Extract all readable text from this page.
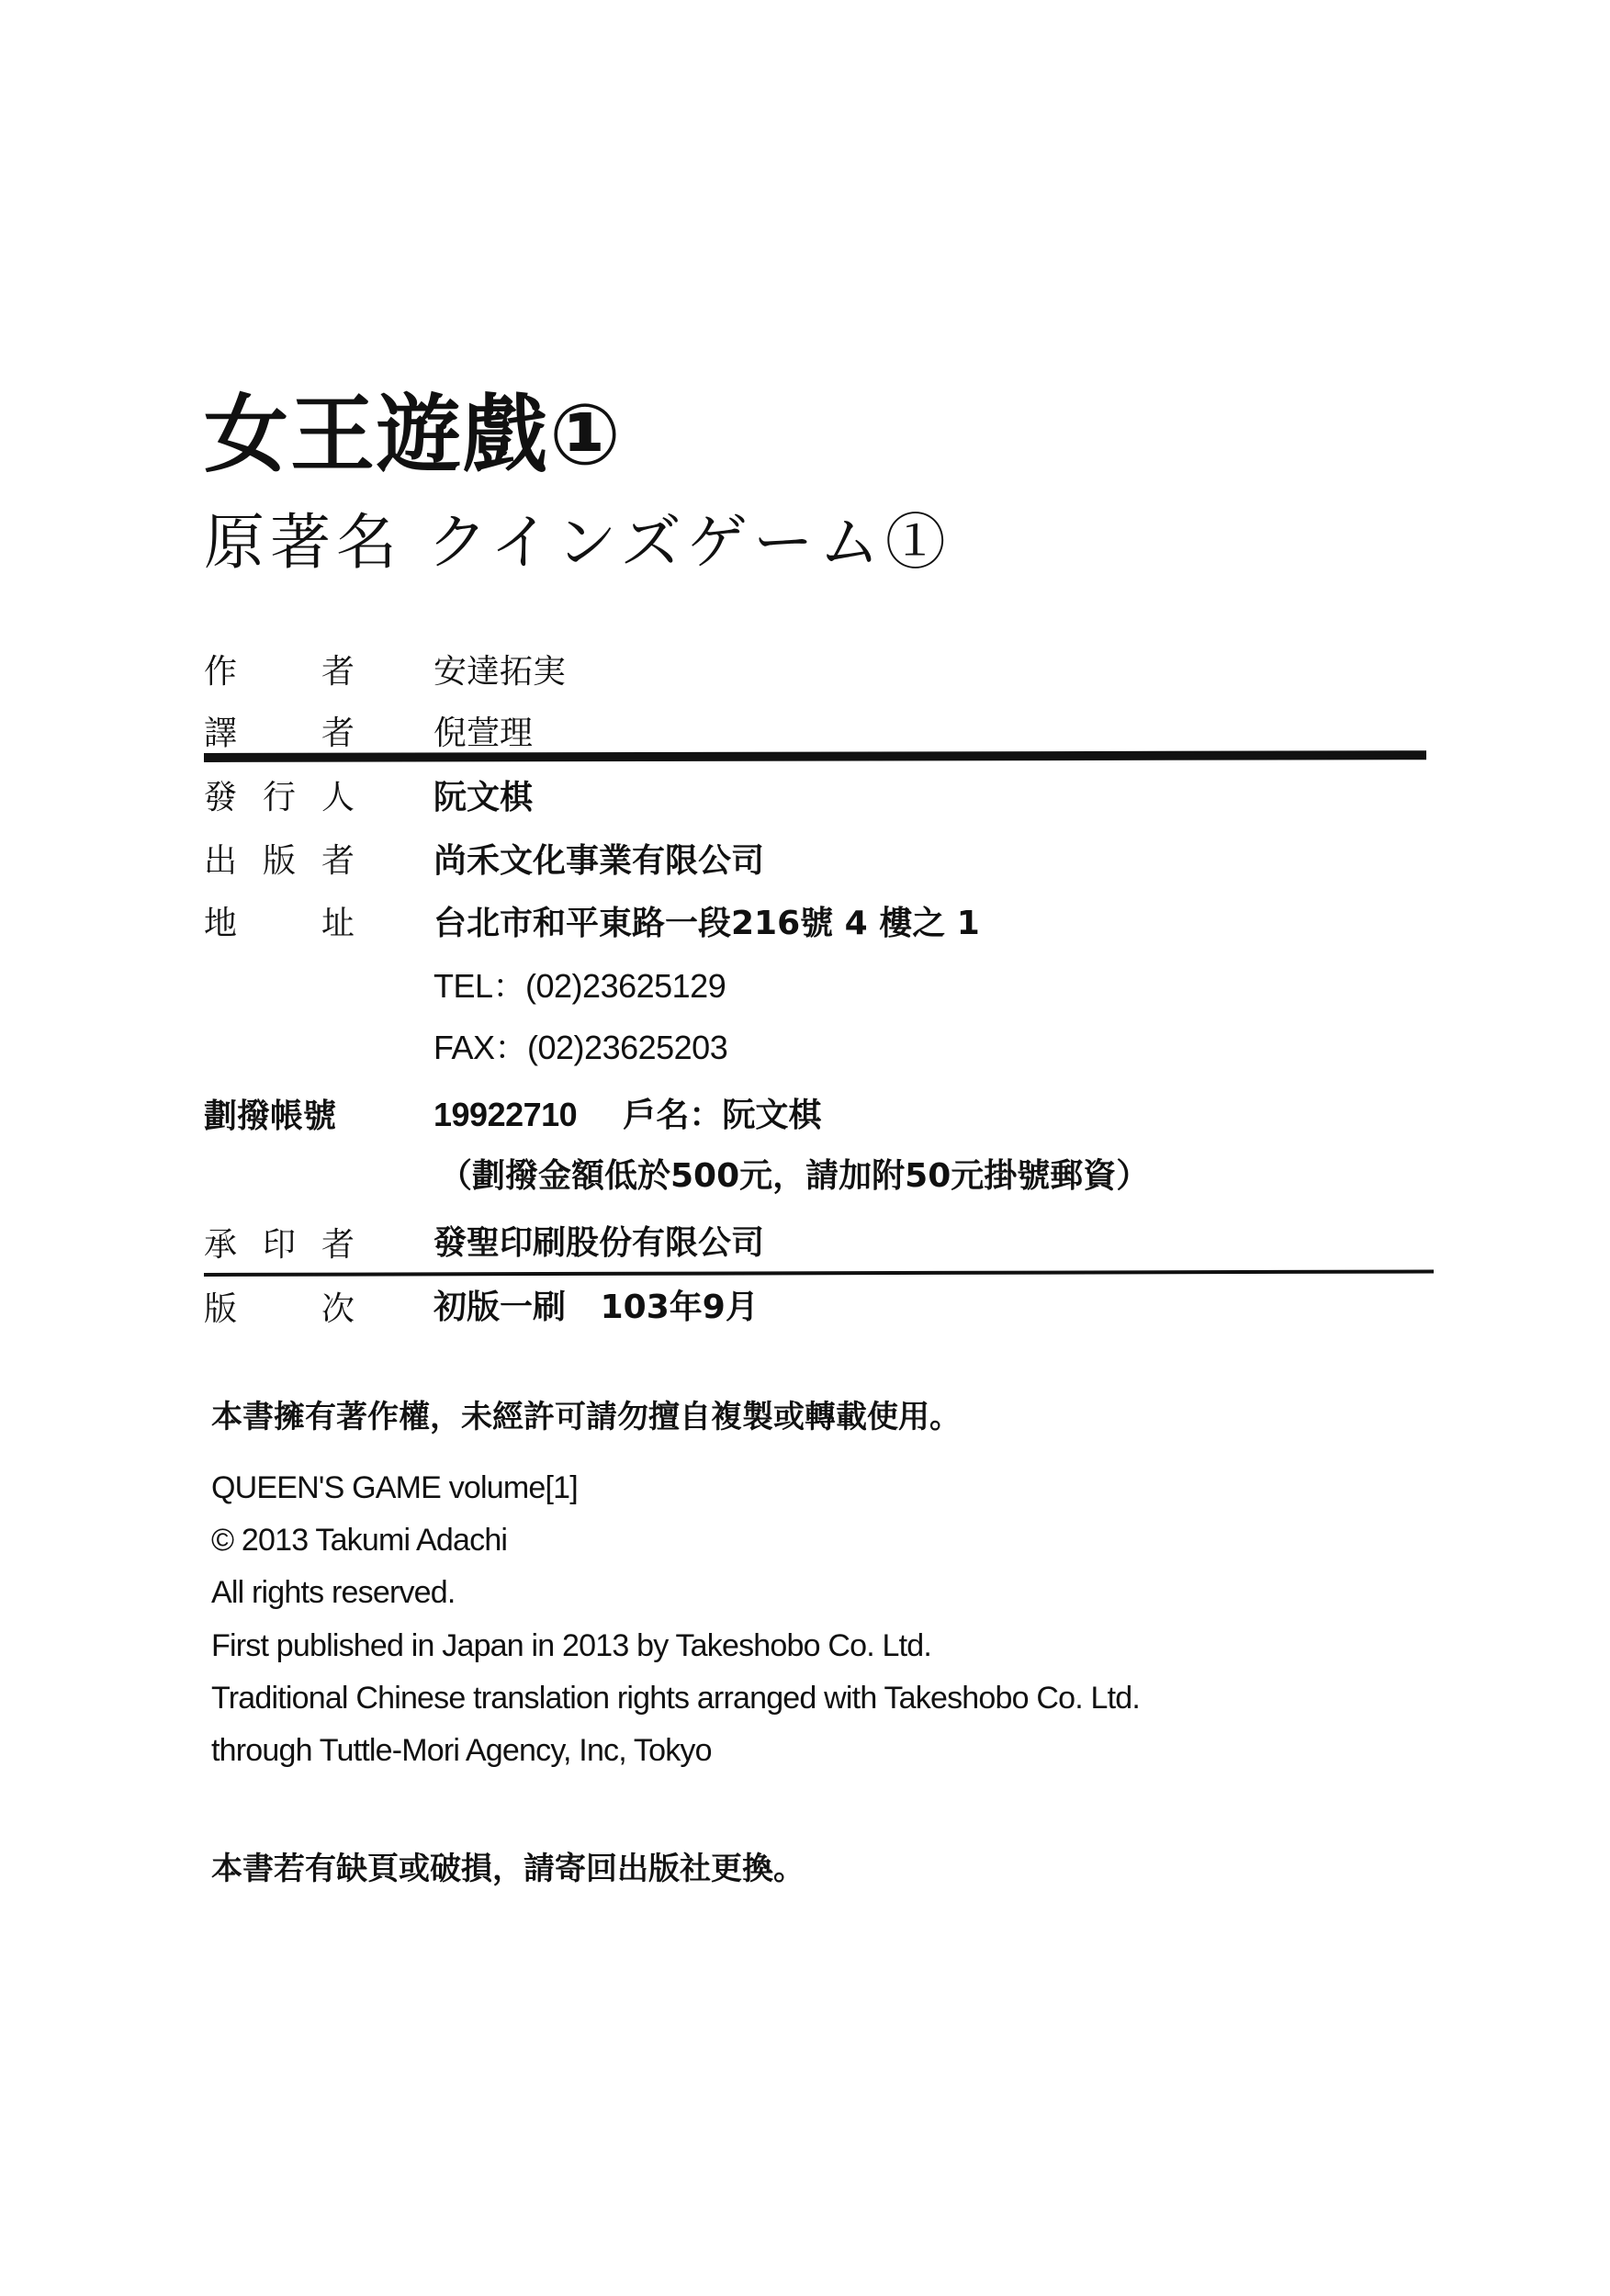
女王遊戲①
原著名 クインズゲーム①
作	者	安達拓実
譯	者	倪萱理
發 行 人	阮文棋
出 版 者	尚禾文化事業有限公司
地	址	台北市和平東路一段216號 4 樓之 1
TEL：(02)23625129
FAX：(02)23625203
劃撥帳號	19922710 戶名：阮文棋
（劃撥金額低於500元，請加附50元掛號郵資）
承 印 者	發聖印刷股份有限公司
版	次	初版一刷 103年9月
本書擁有著作權，未經許可請勿擅自複製或轉載使用。
QUEEN'S GAME volume[1]
© 2013 Takumi Adachi
All rights reserved.
First published in Japan in 2013 by Takeshobo Co. Ltd.
Traditional Chinese translation rights arranged with Takeshobo Co. Ltd.
through Tuttle-Mori Agency, Inc, Tokyo
本書若有缺頁或破損，請寄回出版社更換。
